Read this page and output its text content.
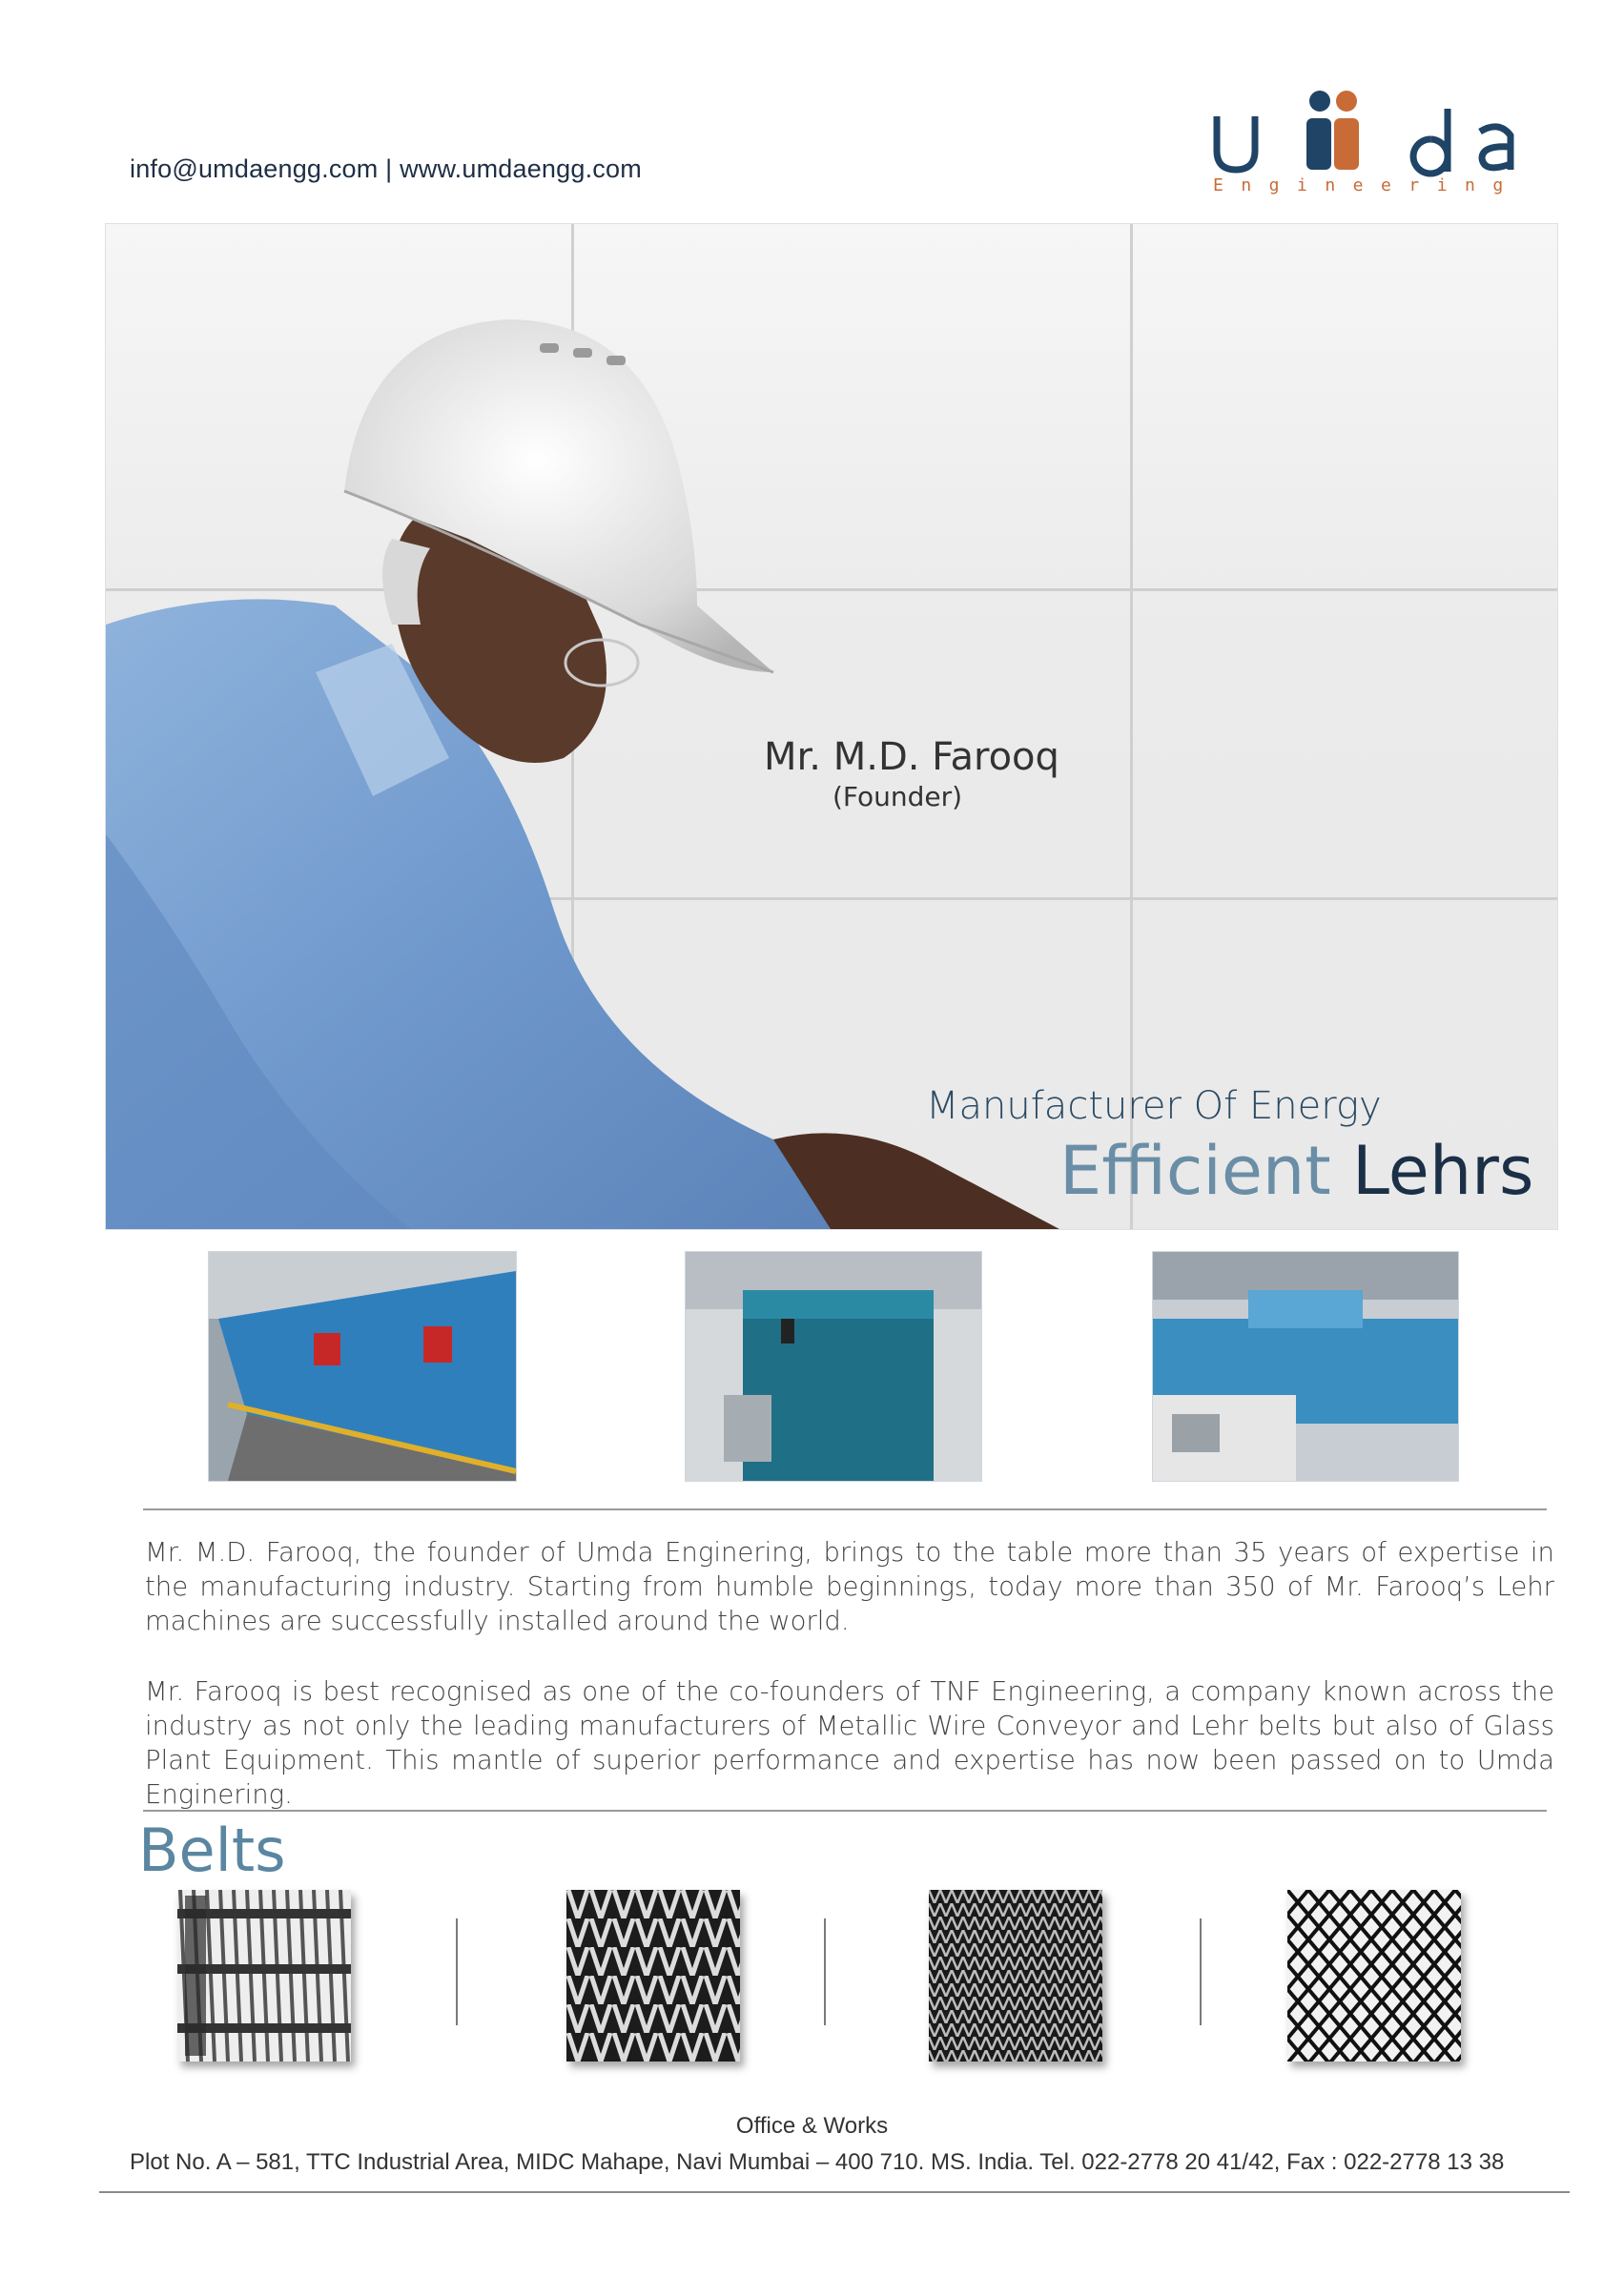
info@umdaengg.com | www.umdaengg.com
Engineering
Mr. M.D. Farooq
(Founder)
Manufacturer Of Energy
Efficient Lehrs
Mr. M.D. Farooq, the founder of Umda Enginering, brings to the table more than 35 years of expertise in the manufacturing industry. Starting from humble beginnings, today more than 350 of Mr. Farooq’s Lehr machines are successfully installed around the world.
Mr. Farooq is best recognised as one of the co-founders of TNF Engineering, a company known across the industry as not only the leading manufacturers of Metallic Wire Conveyor and Lehr belts but also of Glass Plant Equipment. This mantle of superior performance and expertise has now been passed on to Umda Enginering.
Belts
Office & Works
Plot No. A – 581, TTC Industrial Area, MIDC Mahape, Navi Mumbai – 400 710. MS. India. Tel. 022-2778 20 41/42, Fax : 022-2778 13 38
